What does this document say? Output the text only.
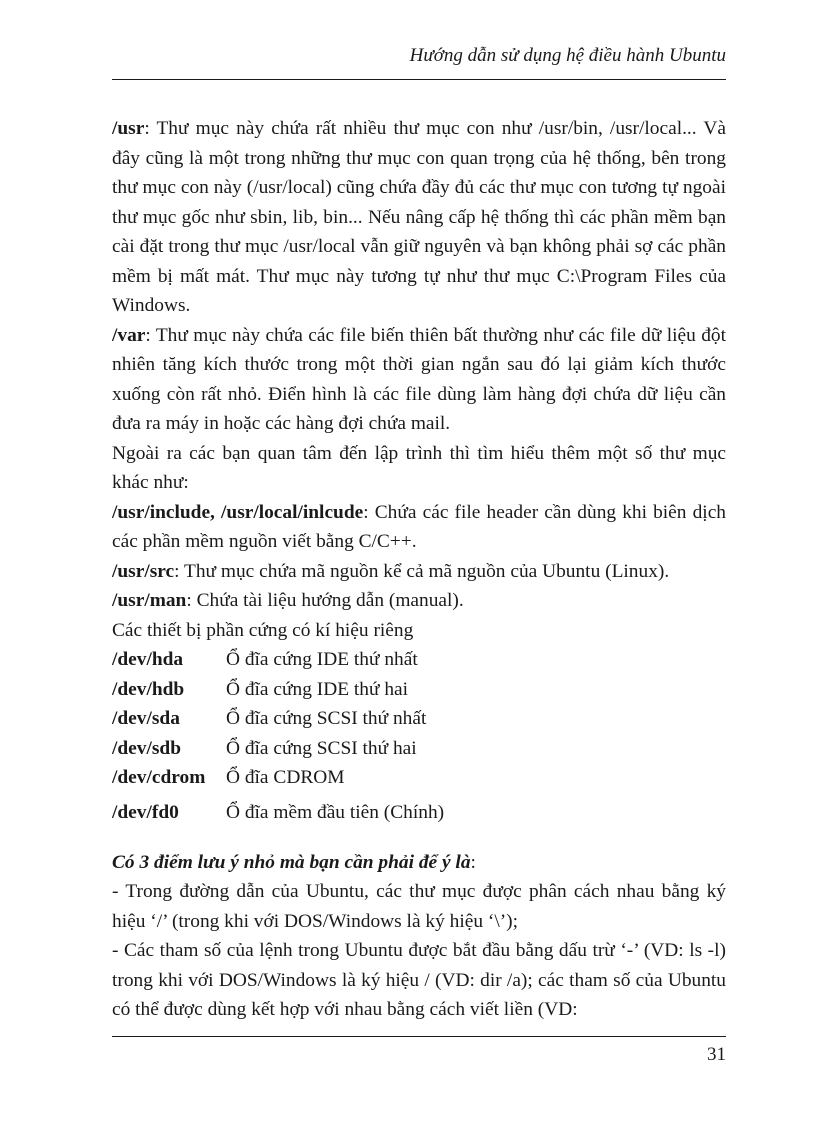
Hướng dẫn sử dụng hệ điều hành Ubuntu

/usr: Thư mục này chứa rất nhiều thư mục con như /usr/bin, /usr/local... Và đây cũng là một trong những thư mục con quan trọng của hệ thống, bên trong thư mục con này (/usr/local) cũng chứa đầy đủ các thư mục con tương tự ngoài thư mục gốc như sbin, lib, bin... Nếu nâng cấp hệ thống thì các phần mềm bạn cài đặt trong thư mục /usr/local vẫn giữ nguyên và bạn không phải sợ các phần mềm bị mất mát. Thư mục này tương tự như thư mục C:\Program Files của Windows.

/var: Thư mục này chứa các file biến thiên bất thường như các file dữ liệu đột nhiên tăng kích thước trong một thời gian ngắn sau đó lại giảm kích thước xuống còn rất nhỏ. Điển hình là các file dùng làm hàng đợi chứa dữ liệu cần đưa ra máy in hoặc các hàng đợi chứa mail.

Ngoài ra các bạn quan tâm đến lập trình thì tìm hiểu thêm một số thư mục khác như:

/usr/include, /usr/local/inlcude: Chứa các file header cần dùng khi biên dịch các phần mềm nguồn viết bằng C/C++.

/usr/src: Thư mục chứa mã nguồn kể cả mã nguồn của Ubuntu (Linux).

/usr/man: Chứa tài liệu hướng dẫn (manual).

Các thiết bị phần cứng có kí hiệu riêng

/dev/hda	Ổ đĩa cứng IDE thứ nhất
/dev/hdb	Ổ đĩa cứng IDE thứ hai
/dev/sda	Ổ đĩa cứng SCSI thứ nhất
/dev/sdb	Ổ đĩa cứng SCSI thứ hai
/dev/cdrom	Ổ đĩa CDROM
/dev/fd0	Ổ đĩa mềm đầu tiên (Chính)

Có 3 điểm lưu ý nhỏ mà bạn cần phải để ý là:

- Trong đường dẫn của Ubuntu, các thư mục được phân cách nhau bằng ký hiệu ‘/’ (trong khi với DOS/Windows là ký hiệu ‘\’);

- Các tham số của lệnh trong Ubuntu được bắt đầu bằng dấu trừ ‘-’ (VD: ls -l) trong khi với DOS/Windows là ký hiệu / (VD: dir /a); các tham số của Ubuntu có thể được dùng kết hợp với nhau bằng cách viết liền (VD:

31
